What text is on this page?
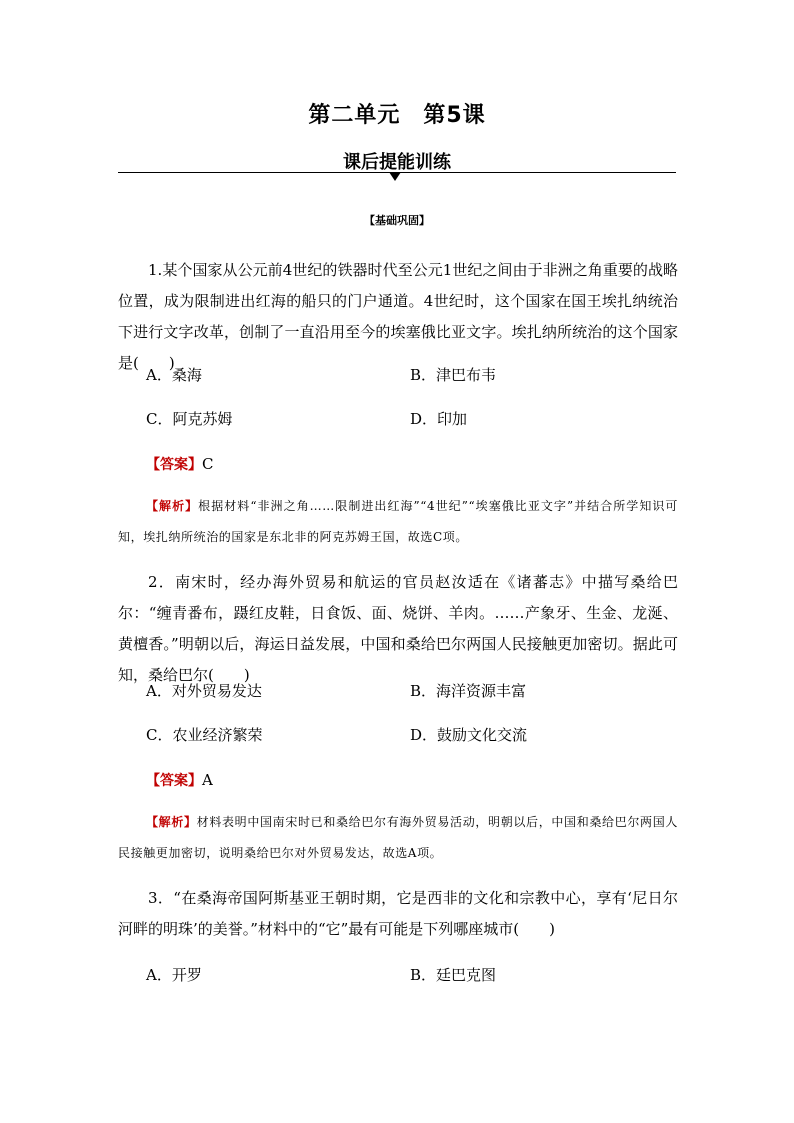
第二单元　第5课
课后提能训练
【基础巩固】

1.某个国家从公元前4世纪的铁器时代至公元1世纪之间由于非洲之角重要的战略位置，成为限制进出红海的船只的门户通道。4世纪时，这个国家在国王埃扎纳统治下进行文字改革，创制了一直沿用至今的埃塞俄比亚文字。埃扎纳所统治的这个国家是(　　)

A．桑海	B．津巴布韦
C．阿克苏姆	D．印加
【答案】C

【解析】根据材料“非洲之角……限制进出红海”“4世纪”“埃塞俄比亚文字”并结合所学知识可知，埃扎纳所统治的国家是东北非的阿克苏姆王国，故选C项。

2．南宋时，经办海外贸易和航运的官员赵汝适在《诸蕃志》中描写桑给巴尔：“缠青番布，蹑红皮鞋，日食饭、面、烧饼、羊肉。……产象牙、生金、龙涎、黄檀香。”明朝以后，海运日益发展，中国和桑给巴尔两国人民接触更加密切。据此可知，桑给巴尔(　　)

A．对外贸易发达	B．海洋资源丰富
C．农业经济繁荣	D．鼓励文化交流
【答案】A

【解析】材料表明中国南宋时已和桑给巴尔有海外贸易活动，明朝以后，中国和桑给巴尔两国人民接触更加密切，说明桑给巴尔对外贸易发达，故选A项。

3．“在桑海帝国阿斯基亚王朝时期，它是西非的文化和宗教中心，享有‘尼日尔河畔的明珠’的美誉。”材料中的“它”最有可能是下列哪座城市(　　)

A．开罗	B．廷巴克图
